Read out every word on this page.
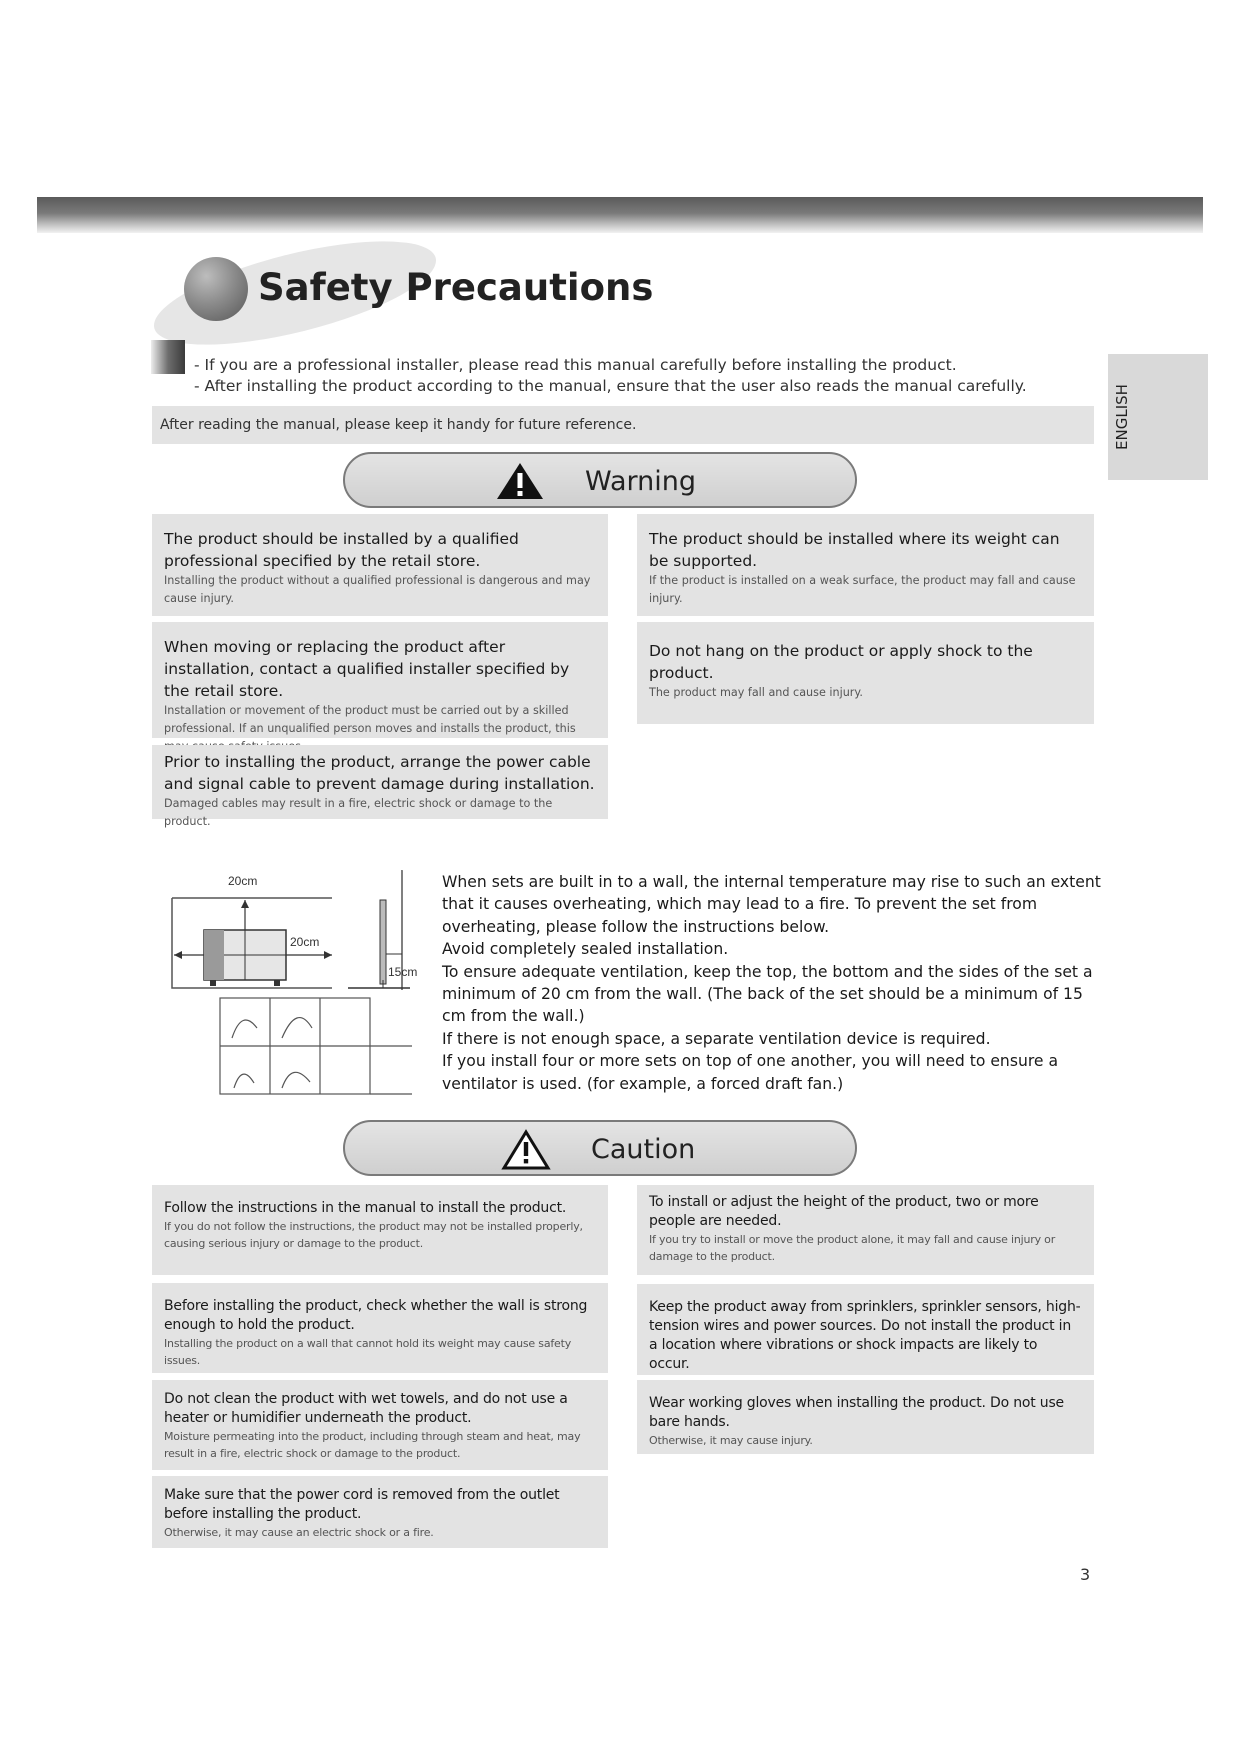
Safety Precautions
- If you are a professional installer, please read this manual carefully before installing the product.
- After installing the product according to the manual, ensure that the user also reads the manual carefully.
After reading the manual, please keep it handy for future reference.	ENGLISH
Warning
The product should be installed by a qualified professional specified by the retail store.
Installing the product without a qualified professional is dangerous and may cause injury.
The product should be installed where its weight can be supported.
If the product is installed on a weak surface, the product may fall and cause injury.
When moving or replacing the product after installation, contact a qualified installer specified by the retail store.
Installation or movement of the product must be carried out by a skilled professional. If an unqualified person moves and installs the product, this
Do not hang on the product or apply shock to the product.
The product may fall and cause injury.
Prior to installing the product, arrange the power cable and signal cable to prevent damage during installation.
Damaged cables may result in a fire, electric shock or damage to the product.
20cm
20cm
15cm

When sets are built in to a wall, the internal temperature may rise to such an extent that it causes overheating, which may lead to a fire. To prevent the set from overheating, please follow the instructions below.

Avoid completely sealed installation.

To ensure adequate ventilation, keep the top, the bottom and the sides of the set a minimum of 20 cm from the wall. (The back of the set should be a minimum of 15 cm from the wall.)

If there is not enough space, a separate ventilation device is required.

If you install four or more sets on top of one another, you will need to ensure a ventilator is used. (for example, a forced draft fan.)

Caution
Follow the instructions in the manual to install the product.
If you do not follow the instructions, the product may not be installed properly, causing serious injury or damage to the product.
To install or adjust the height of the product, two or more people are needed.
If you try to install or move the product alone, it may fall and cause injury or damage to the product.
Before installing the product, check whether the wall is strong enough to hold the product.
Installing the product on a wall that cannot hold its weight may cause safety issues.
Keep the product away from sprinklers, sprinkler sensors, high-tension wires and power sources. Do not install the product in a location where vibrations or shock impacts are likely to occur.
Do not clean the product with wet towels, and do not use a heater or humidifier underneath the product.
Moisture permeating into the product, including through steam and heat, may result in a fire, electric shock or damage to the product.
Wear working gloves when installing the product. Do not use bare hands.
Otherwise, it may cause injury.
Make sure that the power cord is removed from the outlet before installing the product.
Otherwise, it may cause an electric shock or a fire.
3
